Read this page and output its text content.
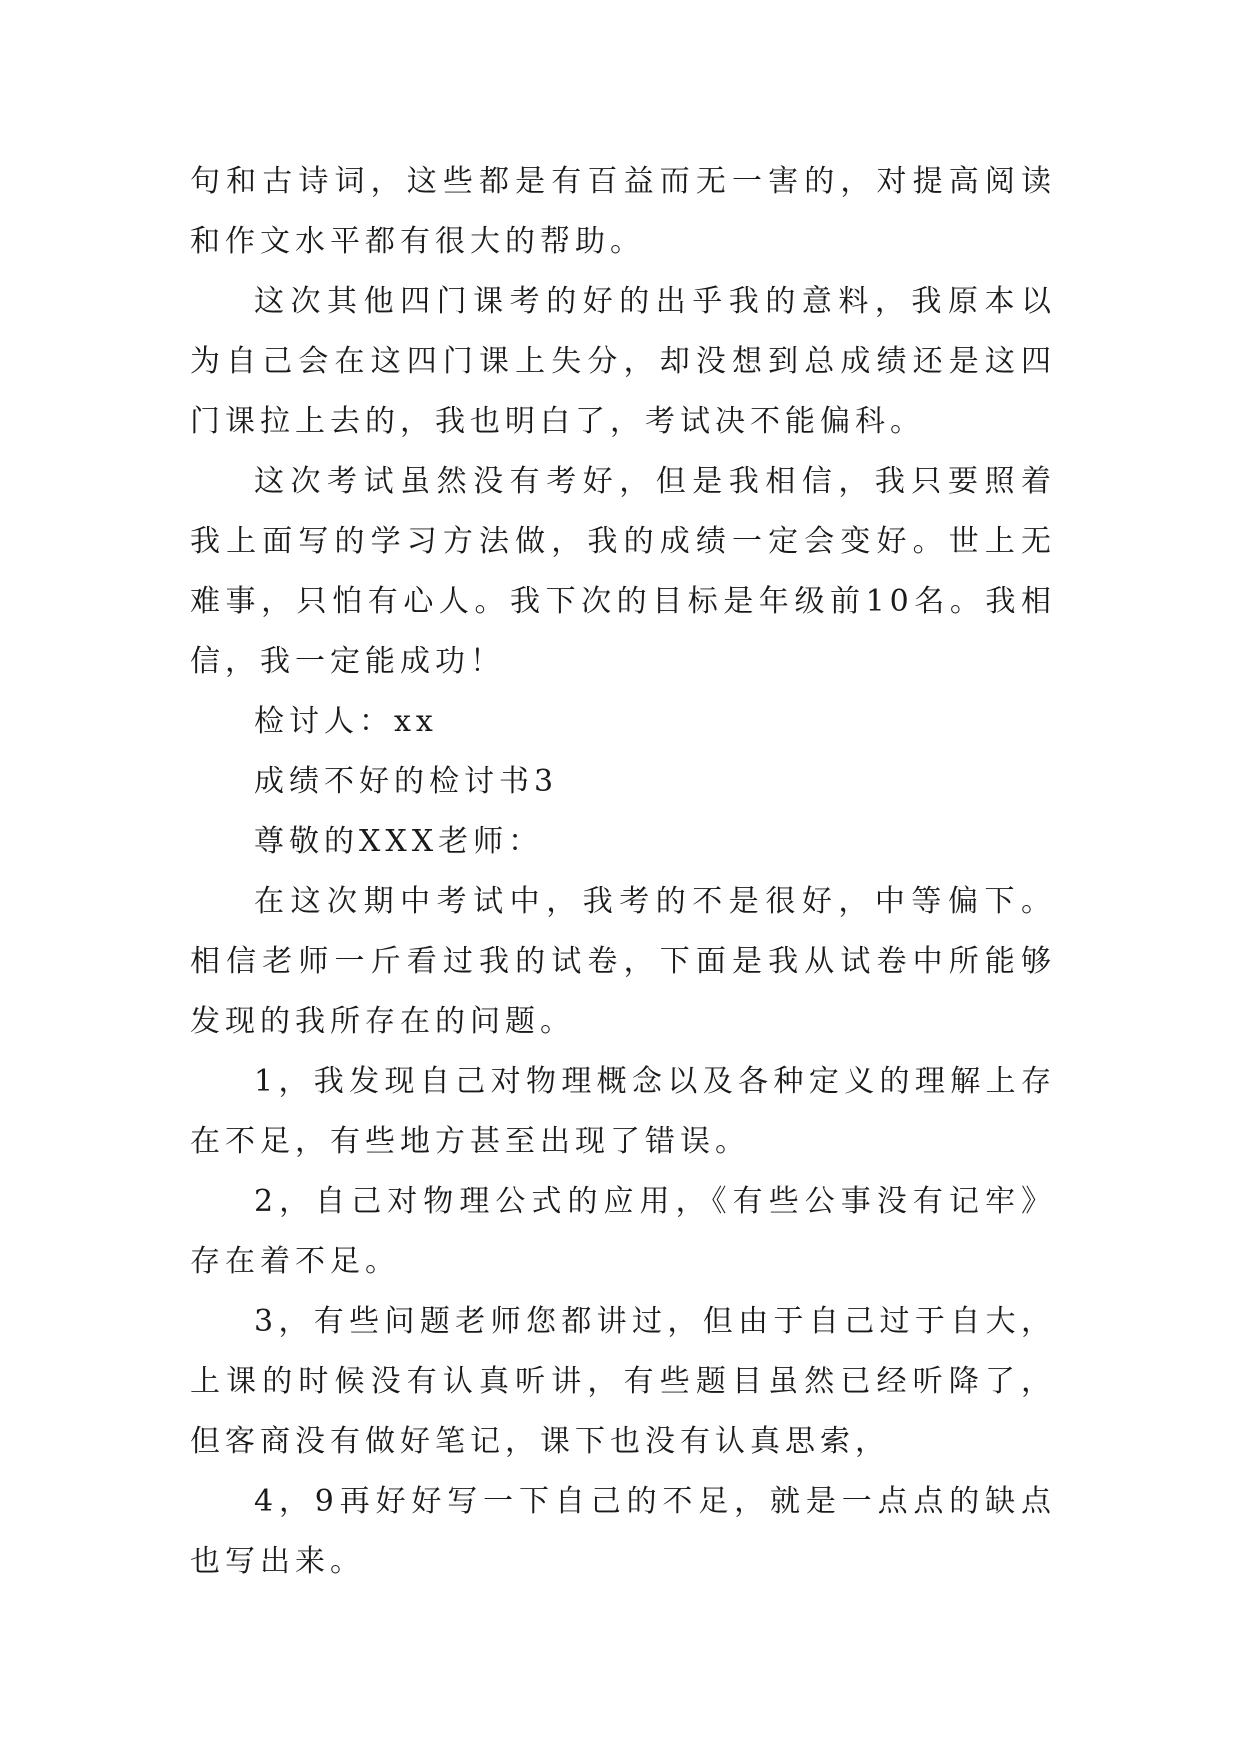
句和古诗词，这些都是有百益而无一害的，对提高阅读和作文水平都有很大的帮助。

这次其他四门课考的好的出乎我的意料，我原本以为自己会在这四门课上失分，却没想到总成绩还是这四门课拉上去的，我也明白了，考试决不能偏科。

这次考试虽然没有考好，但是我相信，我只要照着我上面写的学习方法做，我的成绩一定会变好。世上无难事，只怕有心人。我下次的目标是年级前10名。我相信，我一定能成功！

检讨人：xx

成绩不好的检讨书3

尊敬的XXX老师：

在这次期中考试中，我考的不是很好，中等偏下。相信老师一斤看过我的试卷，下面是我从试卷中所能够发现的我所存在的问题。

1，我发现自己对物理概念以及各种定义的理解上存在不足，有些地方甚至出现了错误。

2，自己对物理公式的应用，《有些公事没有记牢》存在着不足。

3，有些问题老师您都讲过，但由于自己过于自大，上课的时候没有认真听讲，有些题目虽然已经听降了，但客商没有做好笔记，课下也没有认真思索，

4，9再好好写一下自己的不足，就是一点点的缺点也写出来。
